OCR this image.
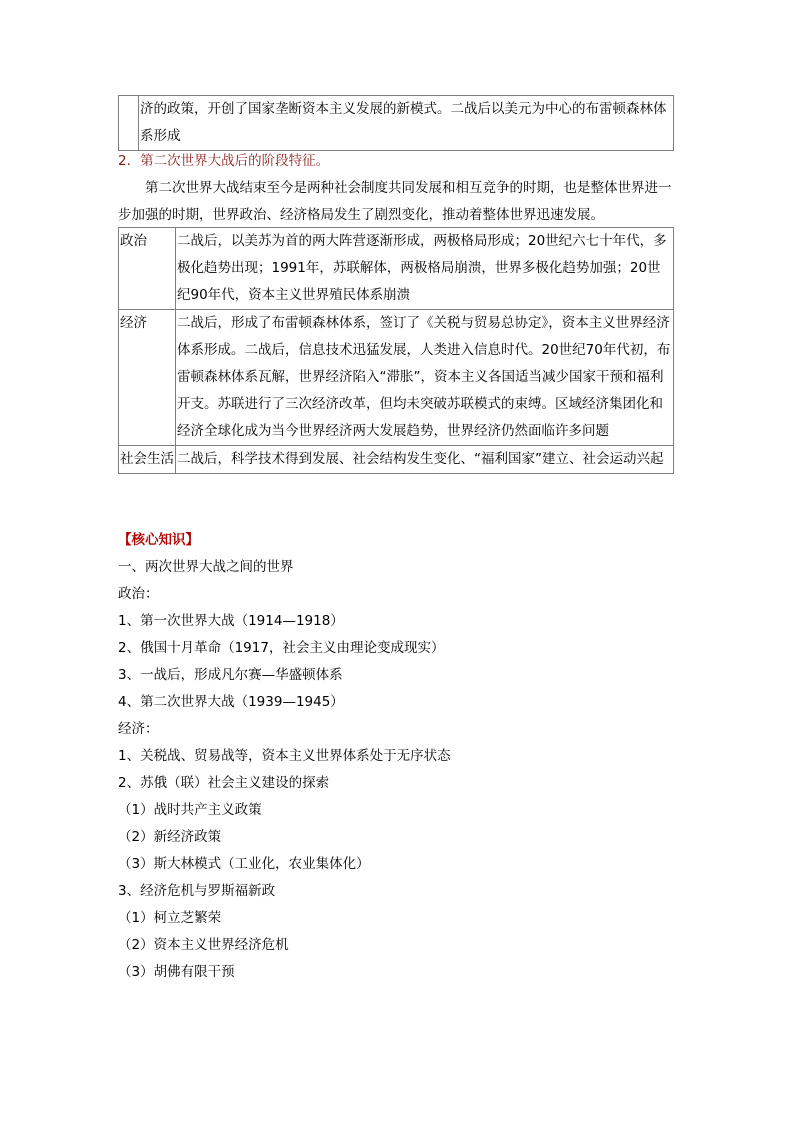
	济的政策，开创了国家垄断资本主义发展的新模式。二战后以美元为中心的布雷顿森林体系形成
2．第二次世界大战后的阶段特征。
第二次世界大战结束至今是两种社会制度共同发展和相互竞争的时期，也是整体世界进一步加强的时期，世界政治、经济格局发生了剧烈变化，推动着整体世界迅速发展。
政治	二战后，以美苏为首的两大阵营逐渐形成，两极格局形成；20世纪六七十年代，多极化趋势出现；1991年，苏联解体，两极格局崩溃，世界多极化趋势加强；20世纪90年代，资本主义世界殖民体系崩溃
经济	二战后，形成了布雷顿森林体系，签订了《关税与贸易总协定》，资本主义世界经济体系形成。二战后，信息技术迅猛发展，人类进入信息时代。20世纪70年代初，布雷顿森林体系瓦解，世界经济陷入“滞胀”，资本主义各国适当减少国家干预和福利开支。苏联进行了三次经济改革，但均未突破苏联模式的束缚。区域经济集团化和经济全球化成为当今世界经济两大发展趋势，世界经济仍然面临许多问题
社会生活	二战后，科学技术得到发展、社会结构发生变化、“福利国家”建立、社会运动兴起
【核心知识】
一、两次世界大战之间的世界
政治：
1、第一次世界大战（1914—1918）
2、俄国十月革命（1917，社会主义由理论变成现实）
3、一战后，形成凡尔赛—华盛顿体系
4、第二次世界大战（1939—1945）
经济：
1、关税战、贸易战等，资本主义世界体系处于无序状态
2、苏俄（联）社会主义建设的探索
（1）战时共产主义政策
（2）新经济政策
（3）斯大林模式（工业化，农业集体化）
3、经济危机与罗斯福新政
（1）柯立芝繁荣
（2）资本主义世界经济危机
（3）胡佛有限干预
